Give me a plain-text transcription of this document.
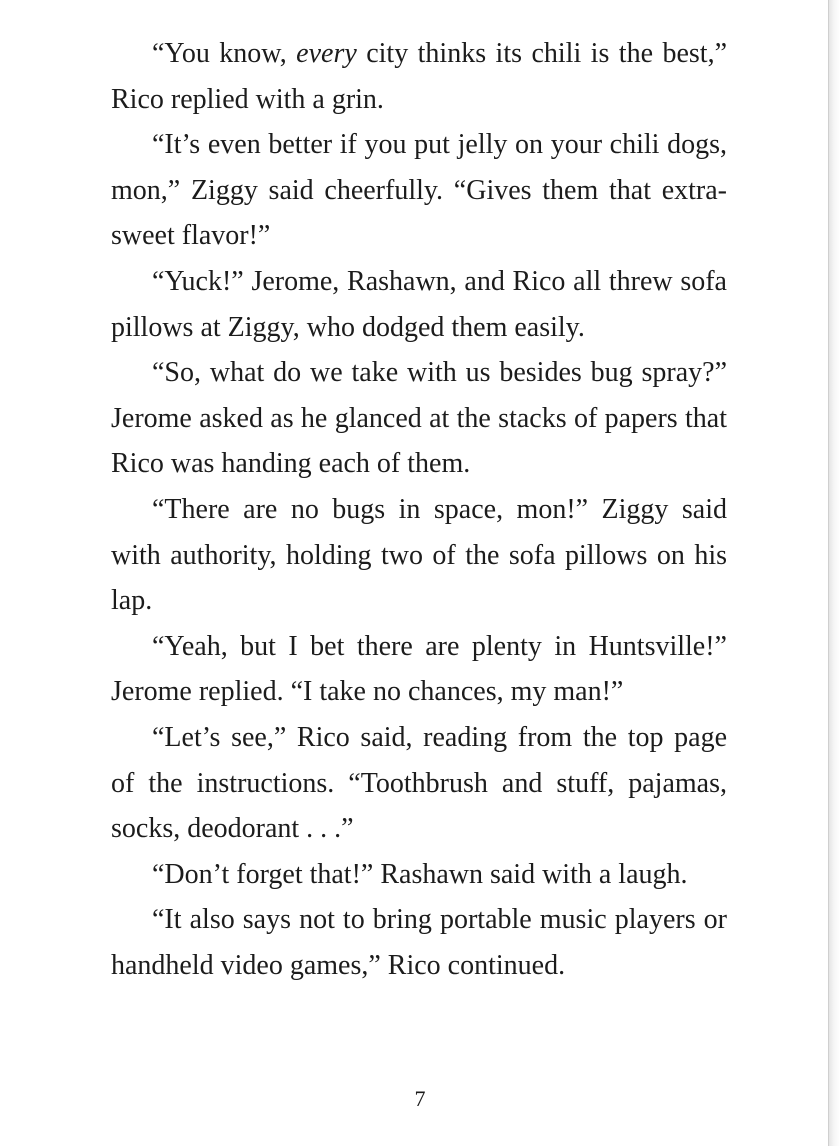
“You know, every city thinks its chili is the best,” Rico replied with a grin.

“It’s even better if you put jelly on your chili dogs, mon,” Ziggy said cheerfully. “Gives them that extra-sweet flavor!”

“Yuck!” Jerome, Rashawn, and Rico all threw sofa pillows at Ziggy, who dodged them easily.

“So, what do we take with us besides bug spray?” Jerome asked as he glanced at the stacks of papers that Rico was handing each of them.

“There are no bugs in space, mon!” Ziggy said with authority, holding two of the sofa pillows on his lap.

“Yeah, but I bet there are plenty in Huntsville!” Jerome replied. “I take no chances, my man!”

“Let’s see,” Rico said, reading from the top page of the instructions. “Toothbrush and stuff, pajamas, socks, deodorant . . .”

“Don’t forget that!” Rashawn said with a laugh.

“It also says not to bring portable music players or handheld video games,” Rico continued.

7
